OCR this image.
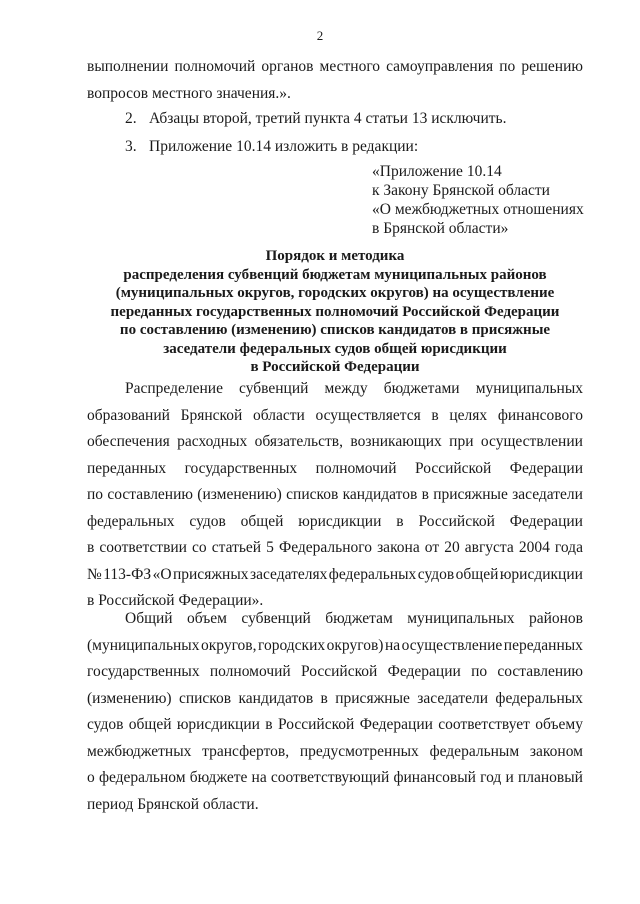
2
выполнении полномочий органов местного самоуправления по решению
вопросов местного значения.».

2. Абзацы второй, третий пункта 4 статьи 13 исключить.

3. Приложение 10.14 изложить в редакции:

«Приложение 10.14
к Закону Брянской области
«О межбюджетных отношениях
в Брянской области»
Порядок и методика
распределения субвенций бюджетам муниципальных районов
(муниципальных округов, городских округов) на осуществление
переданных государственных полномочий Российской Федерации
по составлению (изменению) списков кандидатов в присяжные
заседатели федеральных судов общей юрисдикции
в Российской Федерации
Распределение субвенций между бюджетами муниципальных
образований Брянской области осуществляется в целях финансового
обеспечения расходных обязательств, возникающих при осуществлении
переданных государственных полномочий Российской Федерации
по составлению (изменению) списков кандидатов в присяжные заседатели
федеральных судов общей юрисдикции в Российской Федерации
в соответствии со статьей 5 Федерального закона от 20 августа 2004 года
№ 113-ФЗ «О присяжных заседателях федеральных судов общей юрисдикции
в Российской Федерации».
Общий объем субвенций бюджетам муниципальных районов
(муниципальных округов, городских округов) на осуществление переданных
государственных полномочий Российской Федерации по составлению
(изменению) списков кандидатов в присяжные заседатели федеральных
судов общей юрисдикции в Российской Федерации соответствует объему
межбюджетных трансфертов, предусмотренных федеральным законом
о федеральном бюджете на соответствующий финансовый год и плановый
период Брянской области.
